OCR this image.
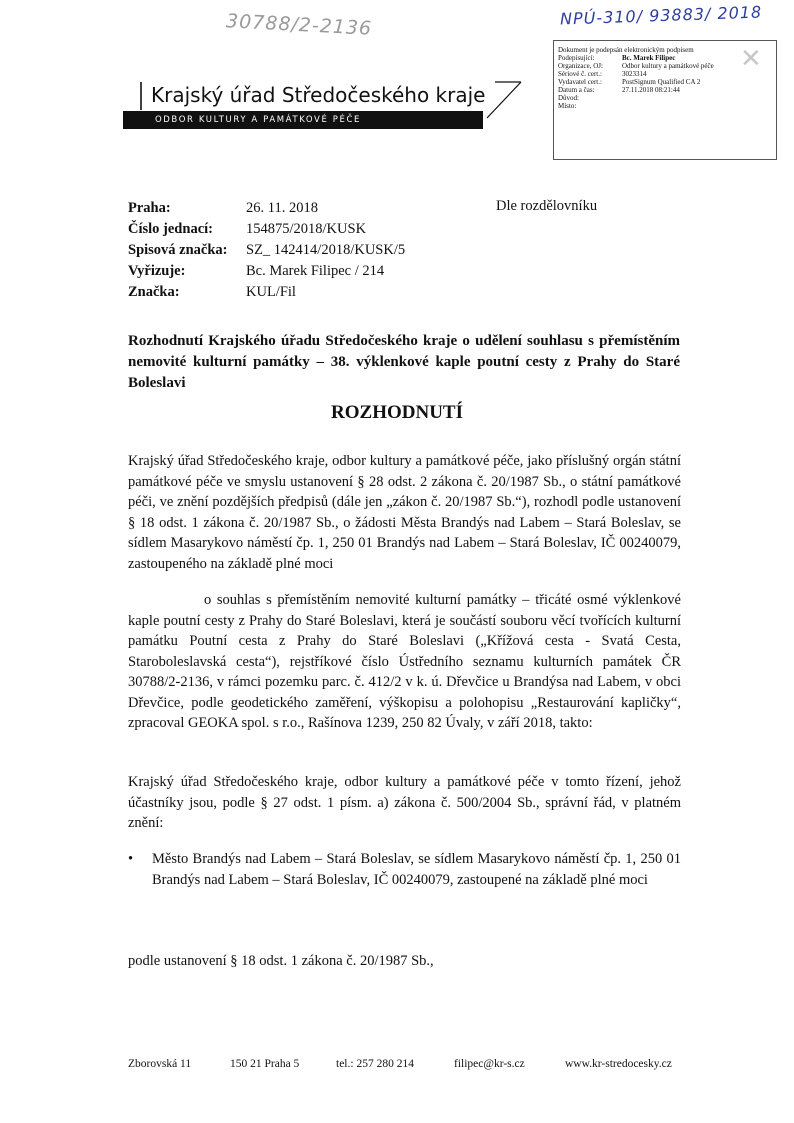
30788/2-2136	NPÚ-310/ 93883/ 2018
Krajský úřad Středočeského kraje
ODBOR KULTURY A PAMÁTKOVÉ PÉČE
Dokument je podepsán elektronickým podpisem
Podepisující:	Bc. Marek Filipec
Organizace, OJ:	Odbor kultury a památkové péče
Sériové č. cert.:	3023314
Vydavatel cert.:	PostSignum Qualified CA 2
Datum a čas:	27.11.2018 08:21:44
Důvod:
Místo:
✕
Praha:	26. 11. 2018
Číslo jednací:	154875/2018/KUSK
Spisová značka:	SZ_ 142414/2018/KUSK/5
Vyřizuje:	Bc. Marek Filipec / 214
Značka:	KUL/Fil
Dle rozdělovníku
Rozhodnutí Krajského úřadu Středočeského kraje o udělení souhlasu s přemístěním nemovité kulturní památky – 38. výklenkové kaple poutní cesty z Prahy do Staré Boleslavi
ROZHODNUTÍ
Krajský úřad Středočeského kraje, odbor kultury a památkové péče, jako příslušný orgán státní památkové péče ve smyslu ustanovení § 28 odst. 2 zákona č. 20/1987 Sb., o státní památkové péči, ve znění pozdějších předpisů (dále jen „zákon č. 20/1987 Sb.“), rozhodl podle ustanovení § 18 odst. 1 zákona č. 20/1987 Sb., o žádosti Města Brandýs nad Labem – Stará Boleslav, se sídlem Masarykovo náměstí čp. 1, 250 01 Brandýs nad Labem – Stará Boleslav, IČ 00240079, zastoupeného na základě plné moci
o souhlas s přemístěním nemovité kulturní památky – třicáté osmé výklenkové kaple poutní cesty z Prahy do Staré Boleslavi, která je součástí souboru věcí tvořících kulturní památku Poutní cesta z Prahy do Staré Boleslavi („Křížová cesta - Svatá Cesta, Staroboleslavská cesta“), rejstříkové číslo Ústředního seznamu kulturních památek ČR 30788/2-2136, v rámci pozemku parc. č. 412/2 v k. ú. Dřevčice u Brandýsa nad Labem, v obci Dřevčice, podle geodetického zaměření, výškopisu a polohopisu „Restaurování kapličky“, zpracoval GEOKA spol. s r.o., Rašínova 1239, 250 82 Úvaly, v září 2018, takto:
Krajský úřad Středočeského kraje, odbor kultury a památkové péče v tomto řízení, jehož účastníky jsou, podle § 27 odst. 1 písm. a) zákona č. 500/2004 Sb., správní řád, v platném znění:
•	Město Brandýs nad Labem – Stará Boleslav, se sídlem Masarykovo náměstí čp. 1, 250 01 Brandýs nad Labem – Stará Boleslav, IČ 00240079, zastoupené na základě plné moci
podle ustanovení § 18 odst. 1 zákona č. 20/1987 Sb.,
Zborovská 11	150 21 Praha 5	tel.: 257 280 214	filipec@kr-s.cz	www.kr-stredocesky.cz
